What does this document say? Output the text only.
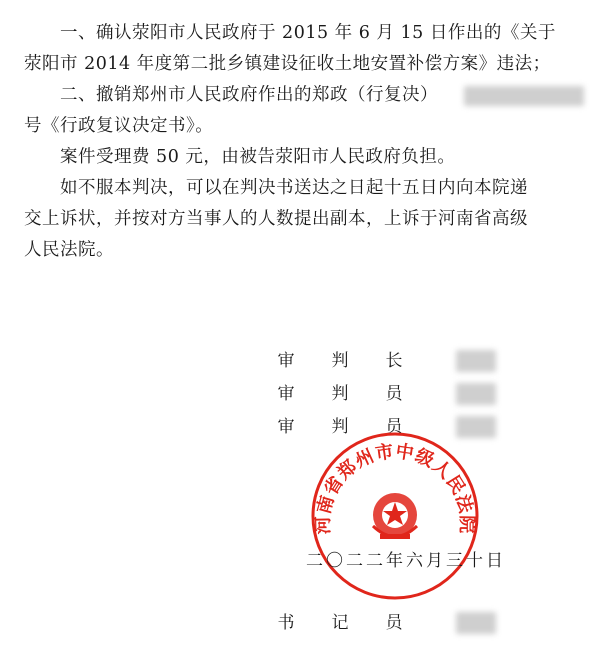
一、确认荥阳市人民政府于 2015 年 6 月 15 日作出的《关于
荥阳市 2014 年度第二批乡镇建设征收土地安置补偿方案》违法；
二、撤销郑州市人民政府作出的郑政（行复决）
号《行政复议决定书》。
案件受理费 50 元，由被告荥阳市人民政府负担。
如不服本判决，可以在判决书送达之日起十五日内向本院递
交上诉状，并按对方当事人的人数提出副本，上诉于河南省高级
人民法院。
审 判 长
审 判 员
审 判 员
河南省郑州市中级人民法院
二〇二二年六月三十日
书 记 员
